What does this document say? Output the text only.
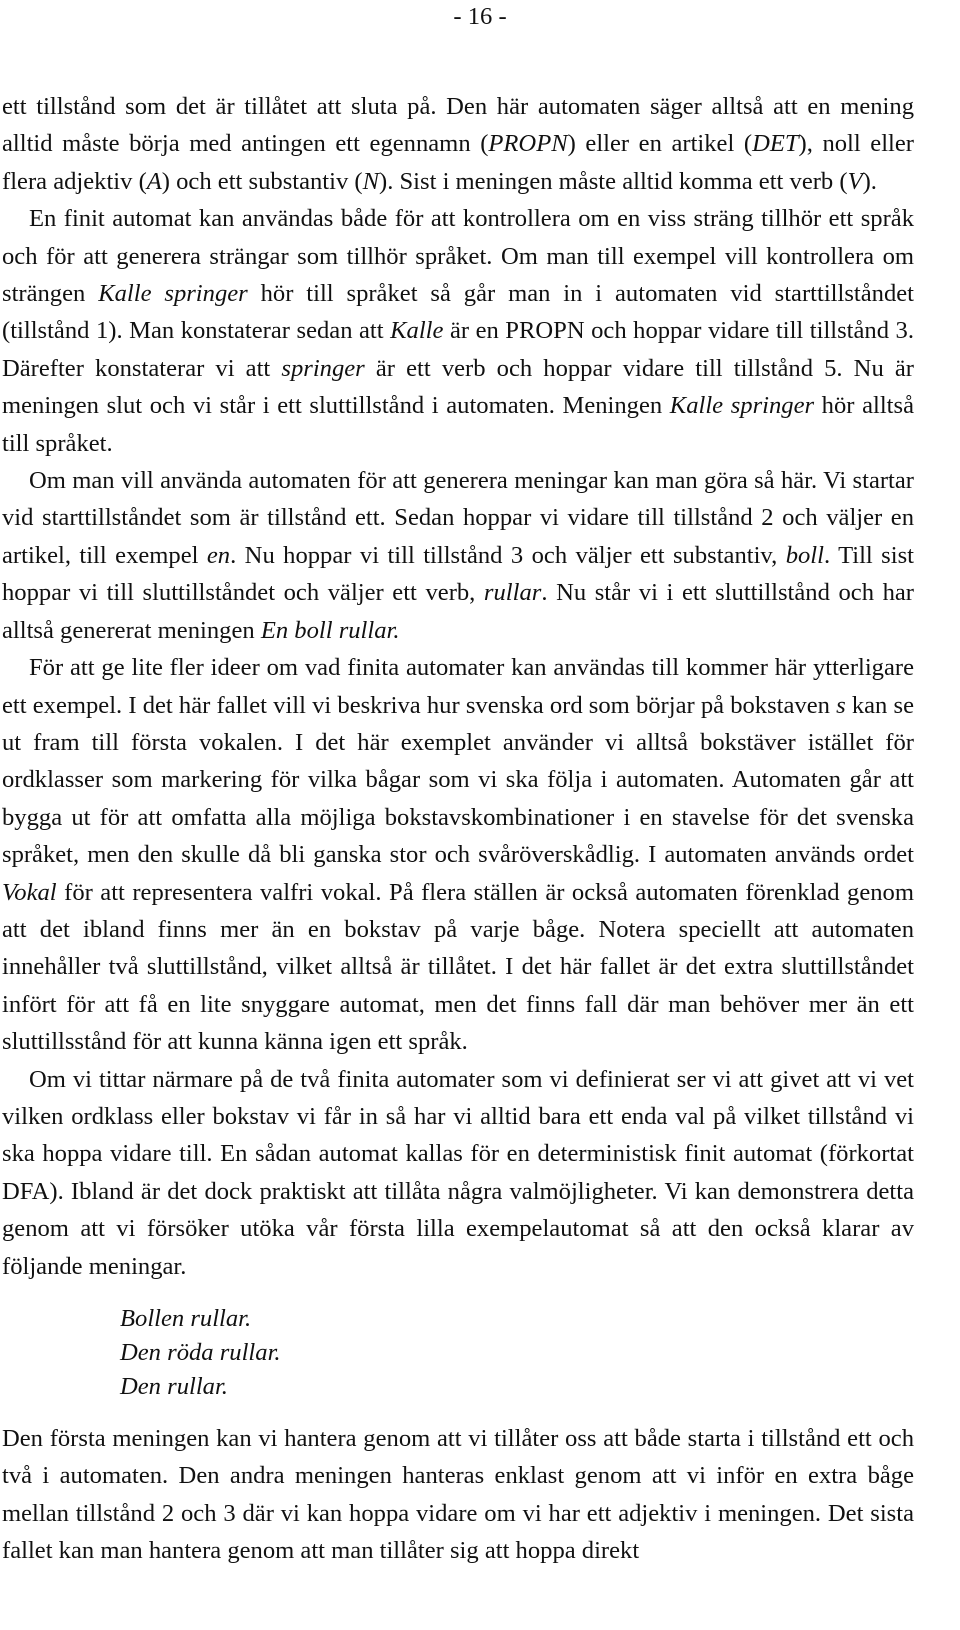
- 16 -

ett tillstånd som det är tillåtet att sluta på. Den här automaten säger alltså att en mening alltid måste börja med antingen ett egennamn (PROPN) eller en artikel (DET), noll eller flera adjektiv (A) och ett substantiv (N). Sist i meningen måste alltid komma ett verb (V).

En finit automat kan användas både för att kontrollera om en viss sträng tillhör ett språk och för att generera strängar som tillhör språket. Om man till exempel vill kontrollera om strängen Kalle springer hör till språket så går man in i automaten vid starttillståndet (tillstånd 1). Man konstaterar sedan att Kalle är en PROPN och hoppar vidare till tillstånd 3. Därefter konstaterar vi att springer är ett verb och hoppar vidare till tillstånd 5. Nu är meningen slut och vi står i ett sluttillstånd i automaten. Meningen Kalle springer hör alltså till språket.

Om man vill använda automaten för att generera meningar kan man göra så här. Vi startar vid starttillståndet som är tillstånd ett. Sedan hoppar vi vidare till tillstånd 2 och väljer en artikel, till exempel en. Nu hoppar vi till tillstånd 3 och väljer ett substantiv, boll. Till sist hoppar vi till sluttillståndet och väljer ett verb, rullar. Nu står vi i ett sluttillstånd och har alltså genererat meningen En boll rullar.

För att ge lite fler ideer om vad finita automater kan användas till kommer här ytterligare ett exempel. I det här fallet vill vi beskriva hur svenska ord som börjar på bokstaven s kan se ut fram till första vokalen. I det här exemplet använder vi alltså bokstäver istället för ordklasser som markering för vilka bågar som vi ska följa i automaten. Automaten går att bygga ut för att omfatta alla möjliga bokstavskombinationer i en stavelse för det svenska språket, men den skulle då bli ganska stor och svåröverskådlig. I automaten används ordet Vokal för att representera valfri vokal. På flera ställen är också automaten förenklad genom att det ibland finns mer än en bokstav på varje båge. Notera speciellt att automaten innehåller två sluttillstånd, vilket alltså är tillåtet. I det här fallet är det extra sluttillståndet infört för att få en lite snyggare automat, men det finns fall där man behöver mer än ett sluttillsstånd för att kunna känna igen ett språk.

Om vi tittar närmare på de två finita automater som vi definierat ser vi att givet att vi vet vilken ordklass eller bokstav vi får in så har vi alltid bara ett enda val på vilket tillstånd vi ska hoppa vidare till. En sådan automat kallas för en deterministisk finit automat (förkortat DFA). Ibland är det dock praktiskt att tillåta några valmöjligheter. Vi kan demonstrera detta genom att vi försöker utöka vår första lilla exempelautomat så att den också klarar av följande meningar.

Bollen rullar.
Den röda rullar.
Den rullar.

Den första meningen kan vi hantera genom att vi tillåter oss att både starta i tillstånd ett och två i automaten. Den andra meningen hanteras enklast genom att vi inför en extra båge mellan tillstånd 2 och 3 där vi kan hoppa vidare om vi har ett adjektiv i meningen. Det sista fallet kan man hantera genom att man tillåter sig att hoppa direkt
